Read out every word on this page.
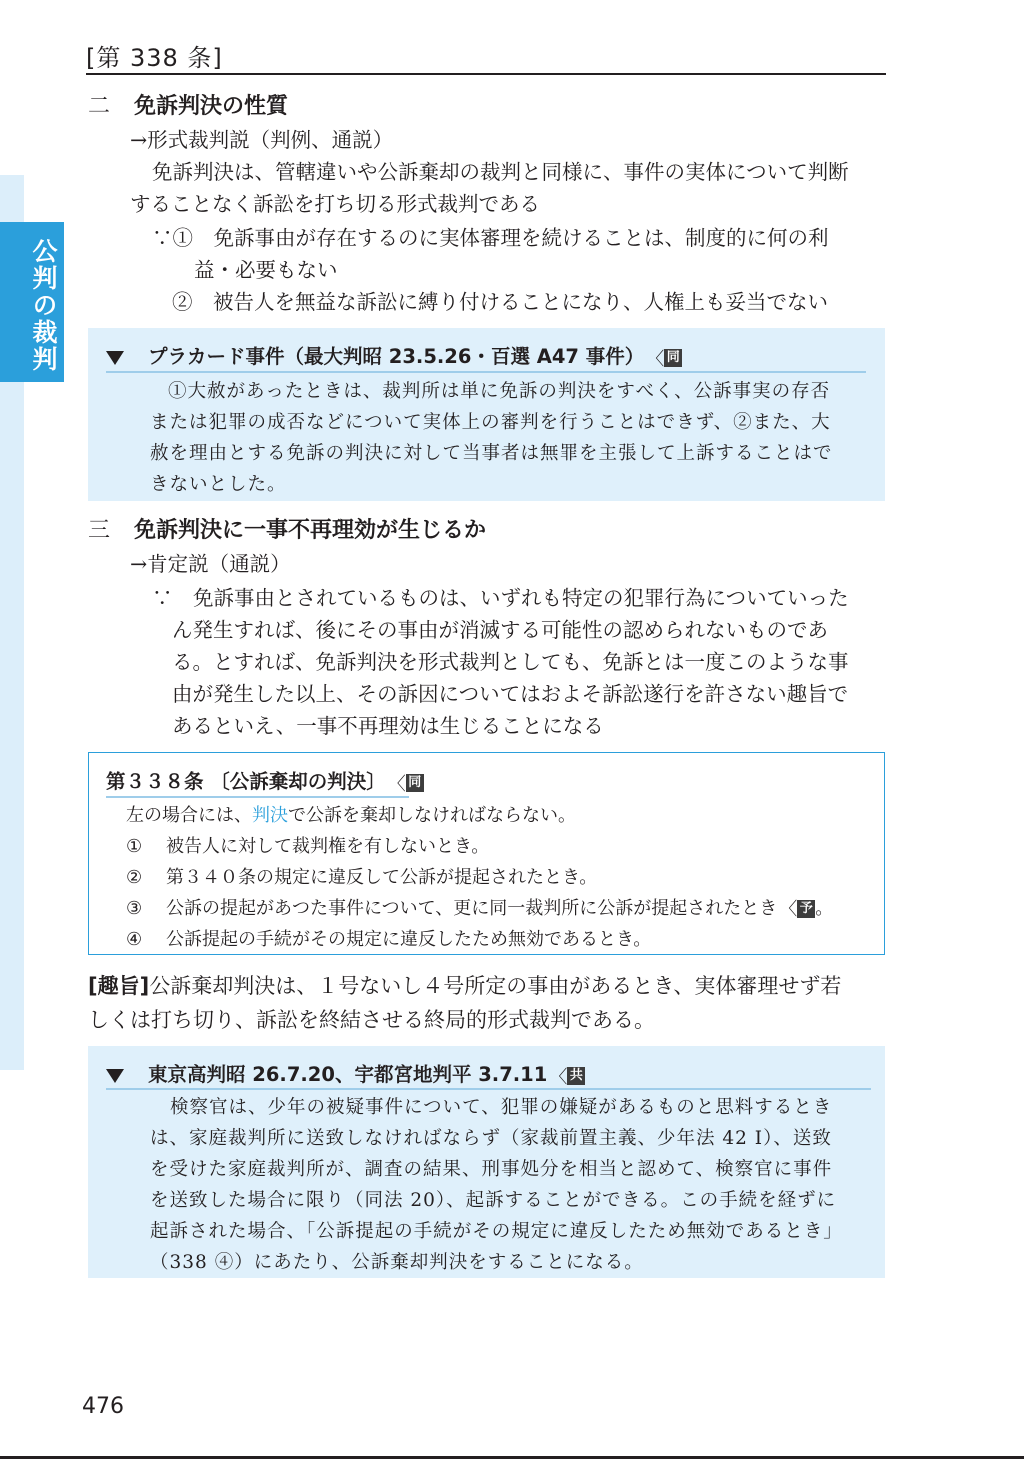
[第 338 条]
公判の裁判
二 免訴判決の性質
→形式裁判説（判例、通説）
免訴判決は、管轄違いや公訴棄却の裁判と同様に、事件の実体について判断
することなく訴訟を打ち切る形式裁判である
∵①　免訴事由が存在するのに実体審理を続けることは、制度的に何の利
益・必要もない
②　被告人を無益な訴訟に縛り付けることになり、人権上も妥当でない
プラカード事件（最大判昭 23.5.26・百選 A47 事件） 〈 同
①大赦があったときは、裁判所は単に免訴の判決をすべく、公訴事実の存否
または犯罪の成否などについて実体上の審判を行うことはできず、②また、大
赦を理由とする免訴の判決に対して当事者は無罪を主張して上訴することはで
きないとした。
三 免訴判決に一事不再理効が生じるか
→肯定説（通説）
∵　免訴事由とされているものは、いずれも特定の犯罪行為についていった
ん発生すれば、後にその事由が消滅する可能性の認められないものであ
る。とすれば、免訴判決を形式裁判としても、免訴とは一度このような事
由が発生した以上、その訴因についてはおよそ訴訟遂行を許さない趣旨で
あるといえ、一事不再理効は生じることになる
第３３８条 〔公訴棄却の判決〕 〈 同
左の場合には、判決で公訴を棄却しなければならない。
① 被告人に対して裁判権を有しないとき。
② 第３４０条の規定に違反して公訴が提起されたとき。
③ 公訴の提起があつた事件について、更に同一裁判所に公訴が提起されたとき 〈 予 。
④ 公訴提起の手続がその規定に違反したため無効であるとき。
[趣旨]公訴棄却判決は、１号ないし４号所定の事由があるとき、実体審理せず若
しくは打ち切り、訴訟を終結させる終局的形式裁判である。
東京高判昭 26.7.20、宇都宮地判平 3.7.11 〈 共
検察官は、少年の被疑事件について、犯罪の嫌疑があるものと思料するとき
は、家庭裁判所に送致しなければならず（家裁前置主義、少年法 42 Ⅰ）、送致
を受けた家庭裁判所が、調査の結果、刑事処分を相当と認めて、検察官に事件
を送致した場合に限り（同法 20）、起訴することができる。この手続を経ずに
起訴された場合、「公訴提起の手続がその規定に違反したため無効であるとき」
（338 ④）にあたり、公訴棄却判決をすることになる。
476
